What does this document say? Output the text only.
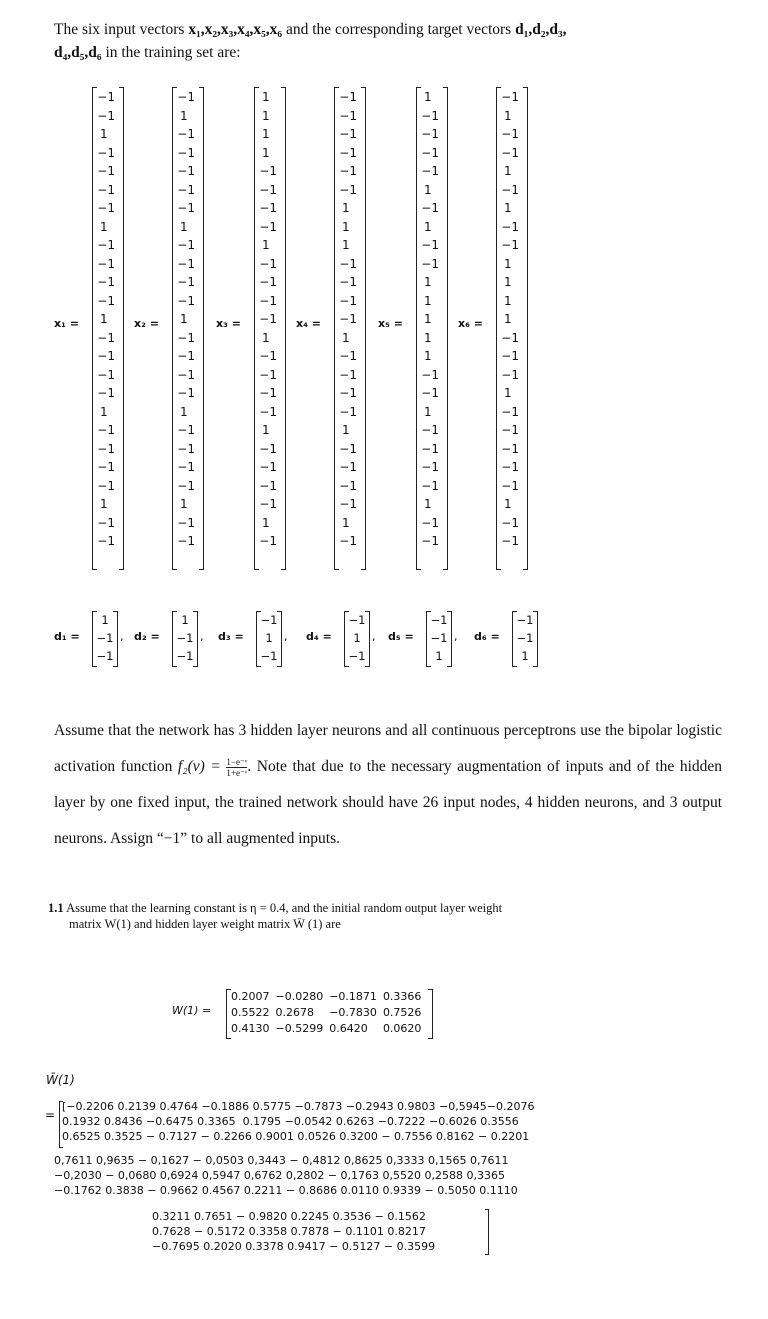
The six input vectors x₁,x₂,x₃,x₄,x₅,x₆ and the corresponding target vectors d₁,d₂,d₃,
d₄,d₅,d₆ in the training set are:
x₁ =
−1
−1
1
−1
−1
−1
−1
1
−1
−1
−1
−1
1
−1
−1
−1
−1
1
−1
−1
−1
−1
1
−1
−1
x₂ =
−1
1
−1
−1
−1
−1
−1
1
−1
−1
−1
−1
1
−1
−1
−1
−1
1
−1
−1
−1
−1
1
−1
−1
x₃ =
1
1
1
1
−1
−1
−1
−1
1
−1
−1
−1
−1
1
−1
−1
−1
−1
1
−1
−1
−1
−1
1
−1
x₄ =
−1
−1
−1
−1
−1
−1
1
1
1
−1
−1
−1
−1
1
−1
−1
−1
−1
1
−1
−1
−1
−1
1
−1
x₅ =
1
−1
−1
−1
−1
1
−1
1
−1
−1
1
1
1
1
1
−1
−1
1
−1
−1
−1
−1
1
−1
−1
x₆ =
−1
1
−1
−1
1
−1
1
−1
−1
1
1
1
1
−1
−1
−1
1
−1
−1
−1
−1
−1
1
−1
−1
d₁ =
1
−1
−1
, d₂ =
1
−1
−1
, d₃ =
−1
1
−1
, d₄ =
−1
1
−1
, d₅ =
−1
−1
1
, d₆ =
−1
−1
1
Assume that the network has 3 hidden layer neurons and all continuous perceptrons use the bipolar logistic activation function $f_2(v) = \frac{\text{1−e⁻ᵛ}}{\text{1+e⁻ᵛ}}$ . Note that due to the necessary augmentation of inputs and of the hidden layer by one fixed input, the trained network should have 26 input nodes, 4 hidden neurons, and 3 output neurons. Assign “−1” to all augmented inputs.
1.1 Assume that the learning constant is η = 0.4, and the initial random output layer weight
matrix W(1) and hidden layer weight matrix W̄ (1) are
W(1) =
0.2007	−0.0280	−0.1871	0.3366
0.5522	0.2678	−0.7830	0.7526
0.4130	−0.5299	0.6420	0.0620
W̄(1)
=
[−0.2206 0.2139 0.4764 −0.1886 0.5775 −0.7873 −0.2943 0.9803 −0,5945−0.2076
0.1932 0.8436 −0.6475 0.3365  0.1795 −0.0542 0.6263 −0.7222 −0.6026 0.3556
0.6525 0.3525 − 0.7127 − 0.2266 0.9001 0.0526 0.3200 − 0.7556 0.8162 − 0.2201
0,7611 0,9635 − 0,1627 − 0,0503 0,3443 − 0,4812 0,8625 0,3333 0,1565 0,7611
−0,2030 − 0,0680 0,6924 0,5947 0,6762 0,2802 − 0,1763 0,5520 0,2588 0,3365
−0.1762 0.3838 − 0.9662 0.4567 0.2211 − 0.8686 0.0110 0.9339 − 0.5050 0.1110
0.3211 0.7651 − 0.9820 0.2245 0.3536 − 0.1562
0.7628 − 0.5172 0.3358 0.7878 − 0.1101 0.8217
−0.7695 0.2020 0.3378 0.9417 − 0.5127 − 0.3599
